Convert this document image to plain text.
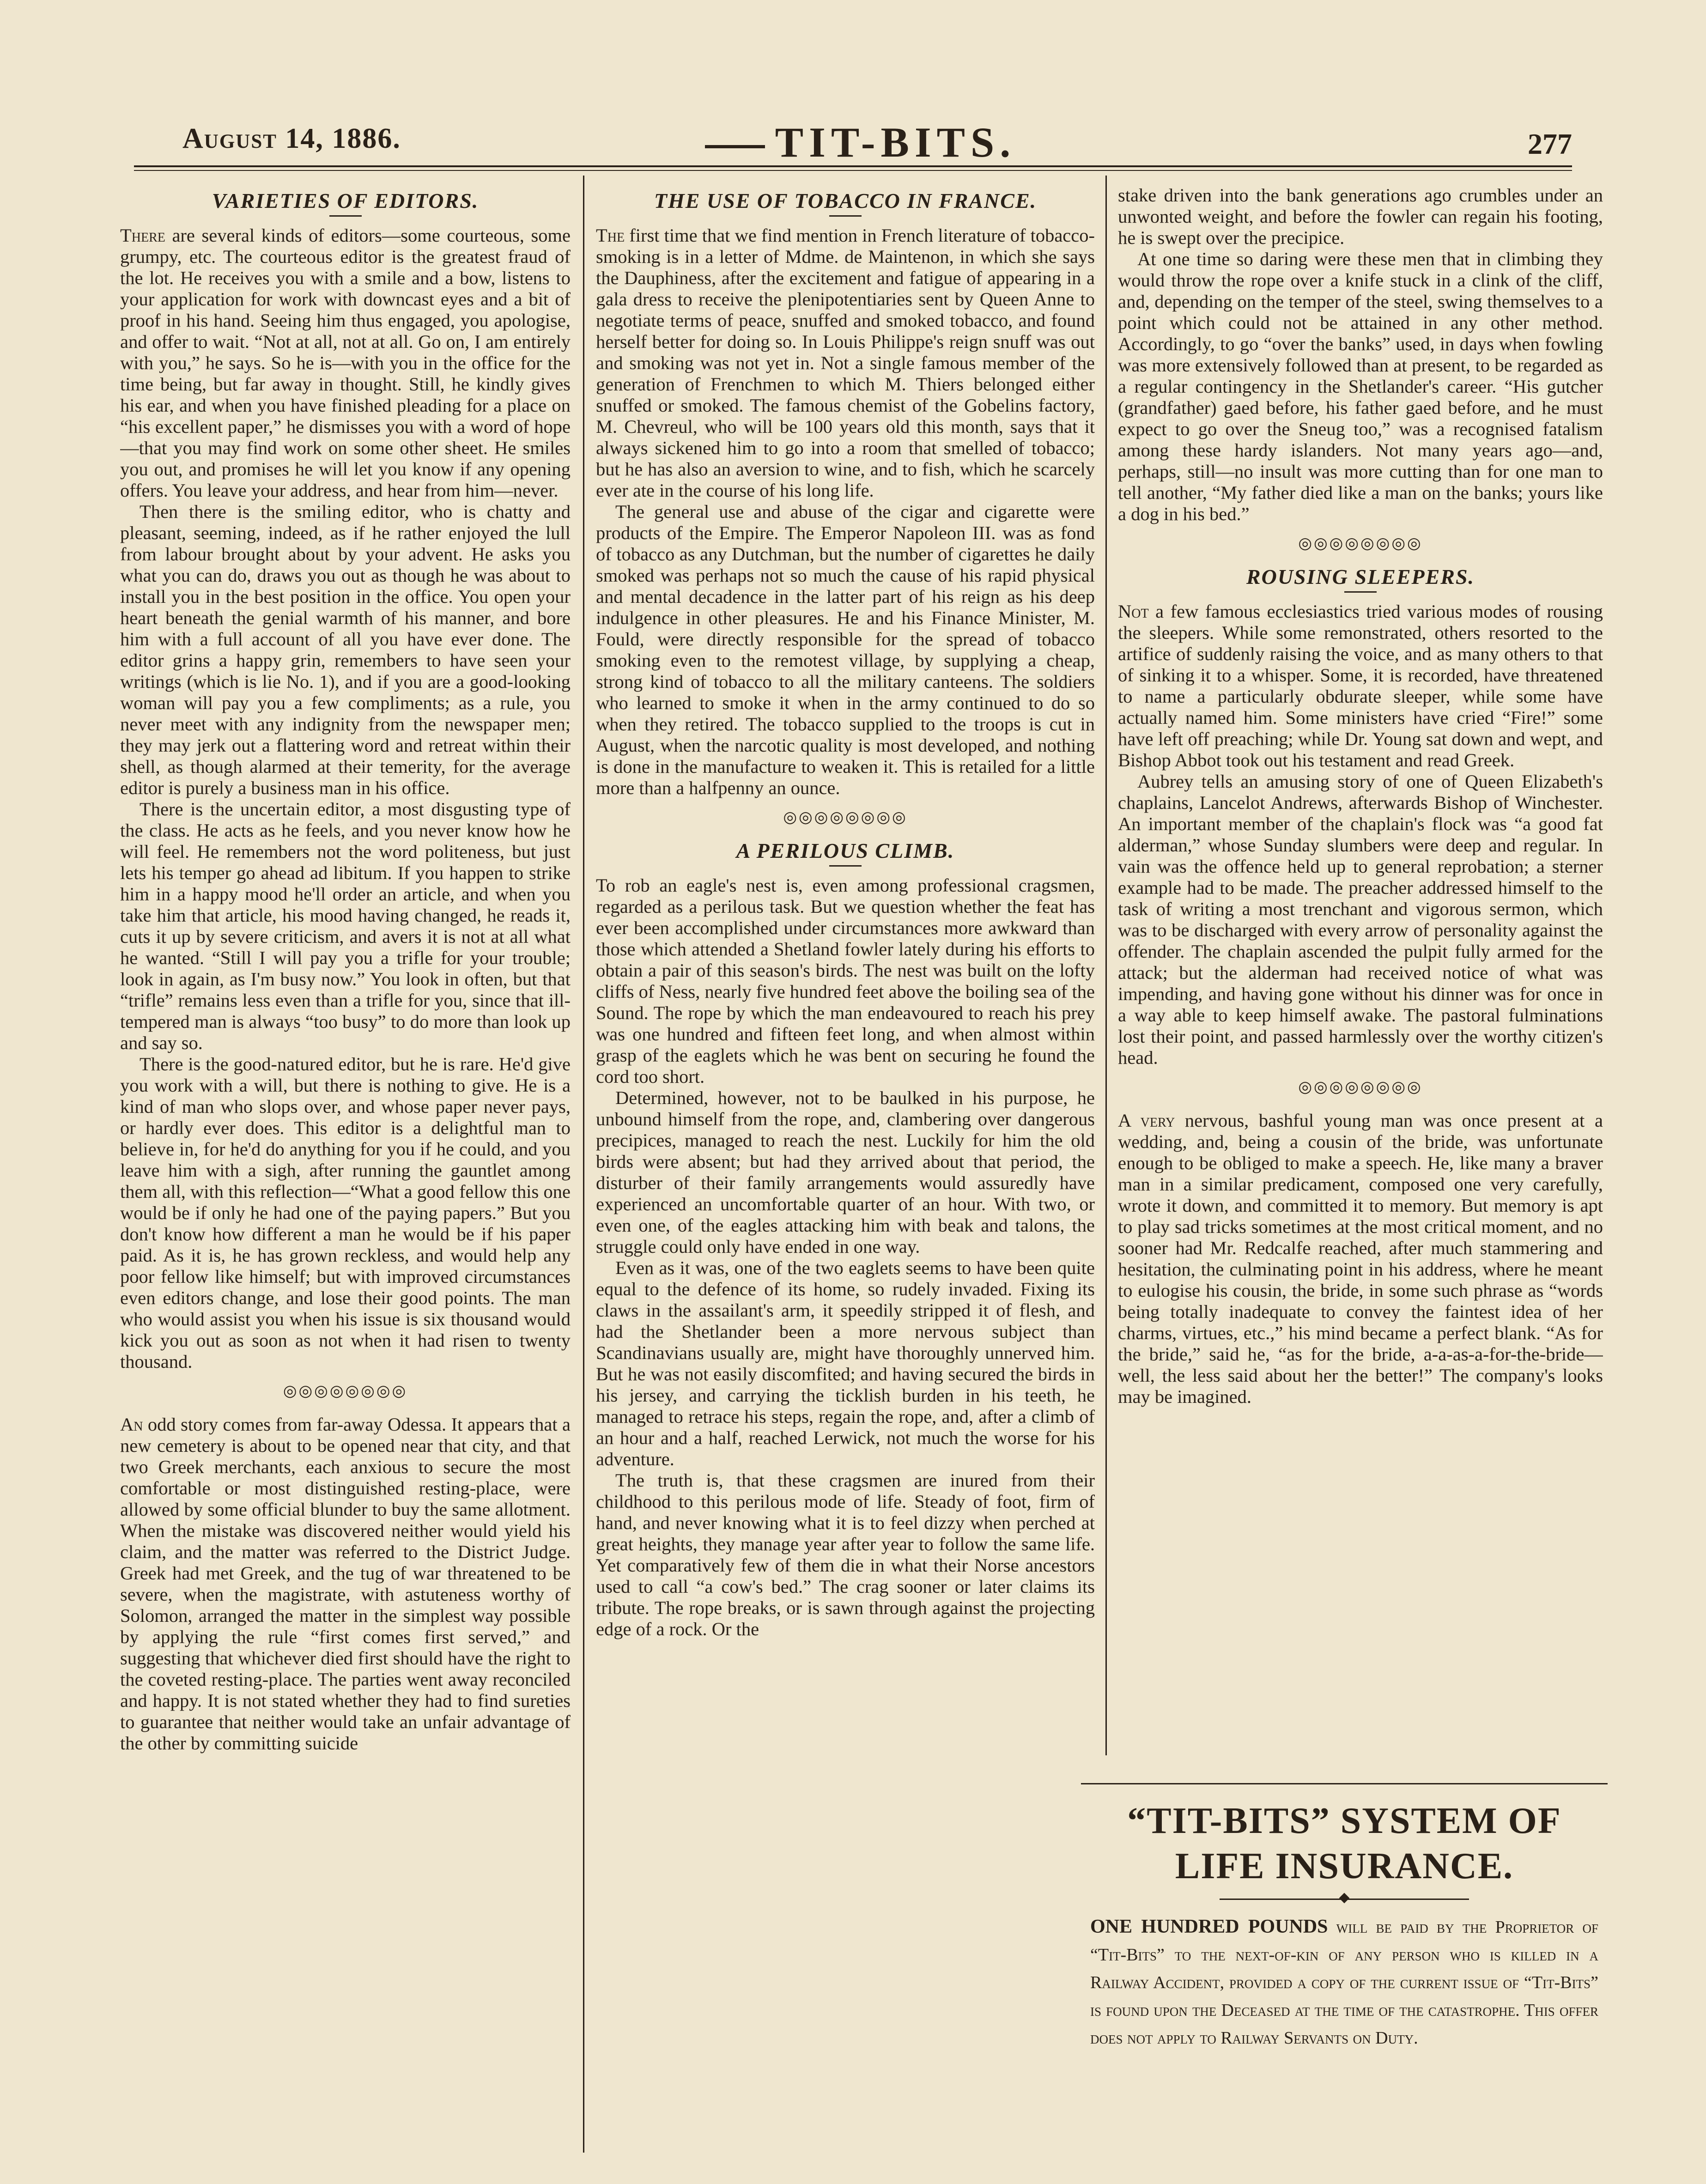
August 14, 1886.	TIT-BITS.	277
VARIETIES OF EDITORS.

There are several kinds of editors—some courteous, some grumpy, etc. The courteous editor is the greatest fraud of the lot. He receives you with a smile and a bow, listens to your application for work with downcast eyes and a bit of proof in his hand. Seeing him thus engaged, you apologise, and offer to wait. “Not at all, not at all. Go on, I am entirely with you,” he says. So he is—with you in the office for the time being, but far away in thought. Still, he kindly gives his ear, and when you have finished pleading for a place on “his excellent paper,” he dismisses you with a word of hope—that you may find work on some other sheet. He smiles you out, and promises he will let you know if any opening offers. You leave your address, and hear from him—never.

Then there is the smiling editor, who is chatty and pleasant, seeming, indeed, as if he rather enjoyed the lull from labour brought about by your advent. He asks you what you can do, draws you out as though he was about to install you in the best position in the office. You open your heart beneath the genial warmth of his manner, and bore him with a full account of all you have ever done. The editor grins a happy grin, remembers to have seen your writings (which is lie No. 1), and if you are a good-looking woman will pay you a few compliments; as a rule, you never meet with any indignity from the newspaper men; they may jerk out a flattering word and retreat within their shell, as though alarmed at their temerity, for the average editor is purely a business man in his office.

There is the uncertain editor, a most disgusting type of the class. He acts as he feels, and you never know how he will feel. He remembers not the word politeness, but just lets his temper go ahead ad libitum. If you happen to strike him in a happy mood he'll order an article, and when you take him that article, his mood having changed, he reads it, cuts it up by severe criticism, and avers it is not at all what he wanted. “Still I will pay you a trifle for your trouble; look in again, as I'm busy now.” You look in often, but that “trifle” remains less even than a trifle for you, since that ill-tempered man is always “too busy” to do more than look up and say so.

There is the good-natured editor, but he is rare. He'd give you work with a will, but there is nothing to give. He is a kind of man who slops over, and whose paper never pays, or hardly ever does. This editor is a delightful man to believe in, for he'd do anything for you if he could, and you leave him with a sigh, after running the gauntlet among them all, with this reflection—“What a good fellow this one would be if only he had one of the paying papers.” But you don't know how different a man he would be if his paper paid. As it is, he has grown reckless, and would help any poor fellow like himself; but with improved circumstances even editors change, and lose their good points. The man who would assist you when his issue is six thousand would kick you out as soon as not when it had risen to twenty thousand.

◎◎◎◎◎◎◎◎

An odd story comes from far-away Odessa. It appears that a new cemetery is about to be opened near that city, and that two Greek merchants, each anxious to secure the most comfortable or most distinguished resting-place, were allowed by some official blunder to buy the same allotment. When the mistake was discovered neither would yield his claim, and the matter was referred to the District Judge. Greek had met Greek, and the tug of war threatened to be severe, when the magistrate, with astuteness worthy of Solomon, arranged the matter in the simplest way possible by applying the rule “first comes first served,” and suggesting that whichever died first should have the right to the coveted resting-place. The parties went away reconciled and happy. It is not stated whether they had to find sureties to guarantee that neither would take an unfair advantage of the other by committing suicide

THE USE OF TOBACCO IN FRANCE.

The first time that we find mention in French literature of tobacco-smoking is in a letter of Mdme. de Maintenon, in which she says the Dauphiness, after the excitement and fatigue of appearing in a gala dress to receive the plenipotentiaries sent by Queen Anne to negotiate terms of peace, snuffed and smoked tobacco, and found herself better for doing so. In Louis Philippe's reign snuff was out and smoking was not yet in. Not a single famous member of the generation of Frenchmen to which M. Thiers belonged either snuffed or smoked. The famous chemist of the Gobelins factory, M. Chevreul, who will be 100 years old this month, says that it always sickened him to go into a room that smelled of tobacco; but he has also an aversion to wine, and to fish, which he scarcely ever ate in the course of his long life.

The general use and abuse of the cigar and cigarette were products of the Empire. The Emperor Napoleon III. was as fond of tobacco as any Dutchman, but the number of cigarettes he daily smoked was perhaps not so much the cause of his rapid physical and mental decadence in the latter part of his reign as his deep indulgence in other pleasures. He and his Finance Minister, M. Fould, were directly responsible for the spread of tobacco smoking even to the remotest village, by supplying a cheap, strong kind of tobacco to all the military canteens. The soldiers who learned to smoke it when in the army continued to do so when they retired. The tobacco supplied to the troops is cut in August, when the narcotic quality is most developed, and nothing is done in the manufacture to weaken it. This is retailed for a little more than a halfpenny an ounce.

◎◎◎◎◎◎◎◎
A PERILOUS CLIMB.

To rob an eagle's nest is, even among professional cragsmen, regarded as a perilous task. But we question whether the feat has ever been accomplished under circumstances more awkward than those which attended a Shetland fowler lately during his efforts to obtain a pair of this season's birds. The nest was built on the lofty cliffs of Ness, nearly five hundred feet above the boiling sea of the Sound. The rope by which the man endeavoured to reach his prey was one hundred and fifteen feet long, and when almost within grasp of the eaglets which he was bent on securing he found the cord too short.

Determined, however, not to be baulked in his purpose, he unbound himself from the rope, and, clambering over dangerous precipices, managed to reach the nest. Luckily for him the old birds were absent; but had they arrived about that period, the disturber of their family arrangements would assuredly have experienced an uncomfortable quarter of an hour. With two, or even one, of the eagles attacking him with beak and talons, the struggle could only have ended in one way.

Even as it was, one of the two eaglets seems to have been quite equal to the defence of its home, so rudely invaded. Fixing its claws in the assailant's arm, it speedily stripped it of flesh, and had the Shetlander been a more nervous subject than Scandinavians usually are, might have thoroughly unnerved him. But he was not easily discomfited; and having secured the birds in his jersey, and carrying the ticklish burden in his teeth, he managed to retrace his steps, regain the rope, and, after a climb of an hour and a half, reached Lerwick, not much the worse for his adventure.

The truth is, that these cragsmen are inured from their childhood to this perilous mode of life. Steady of foot, firm of hand, and never knowing what it is to feel dizzy when perched at great heights, they manage year after year to follow the same life. Yet comparatively few of them die in what their Norse ancestors used to call “a cow's bed.” The crag sooner or later claims its tribute. The rope breaks, or is sawn through against the projecting edge of a rock. Or the

stake driven into the bank generations ago crumbles under an unwonted weight, and before the fowler can regain his footing, he is swept over the precipice.

At one time so daring were these men that in climbing they would throw the rope over a knife stuck in a clink of the cliff, and, depending on the temper of the steel, swing themselves to a point which could not be attained in any other method. Accordingly, to go “over the banks” used, in days when fowling was more extensively followed than at present, to be regarded as a regular contingency in the Shetlander's career. “His gutcher (grandfather) gaed before, his father gaed before, and he must expect to go over the Sneug too,” was a recognised fatalism among these hardy islanders. Not many years ago—and, perhaps, still—no insult was more cutting than for one man to tell another, “My father died like a man on the banks; yours like a dog in his bed.”

◎◎◎◎◎◎◎◎
ROUSING SLEEPERS.

Not a few famous ecclesiastics tried various modes of rousing the sleepers. While some remonstrated, others resorted to the artifice of suddenly raising the voice, and as many others to that of sinking it to a whisper. Some, it is recorded, have threatened to name a particularly obdurate sleeper, while some have actually named him. Some ministers have cried “Fire!” some have left off preaching; while Dr. Young sat down and wept, and Bishop Abbot took out his testament and read Greek.

Aubrey tells an amusing story of one of Queen Elizabeth's chaplains, Lancelot Andrews, afterwards Bishop of Winchester. An important member of the chaplain's flock was “a good fat alderman,” whose Sunday slumbers were deep and regular. In vain was the offence held up to general reprobation; a sterner example had to be made. The preacher addressed himself to the task of writing a most trenchant and vigorous sermon, which was to be discharged with every arrow of personality against the offender. The chaplain ascended the pulpit fully armed for the attack; but the alderman had received notice of what was impending, and having gone without his dinner was for once in a way able to keep himself awake. The pastoral fulminations lost their point, and passed harmlessly over the worthy citizen's head.

◎◎◎◎◎◎◎◎

A very nervous, bashful young man was once present at a wedding, and, being a cousin of the bride, was unfortunate enough to be obliged to make a speech. He, like many a braver man in a similar predicament, composed one very carefully, wrote it down, and committed it to memory. But memory is apt to play sad tricks sometimes at the most critical moment, and no sooner had Mr. Redcalfe reached, after much stammering and hesitation, the culminating point in his address, where he meant to eulogise his cousin, the bride, in some such phrase as “words being totally inadequate to convey the faintest idea of her charms, virtues, etc.,” his mind became a perfect blank. “As for the bride,” said he, “as for the bride, a-a-as-a-for-the-bride—well, the less said about her the better!” The company's looks may be imagined.

“TIT-BITS” SYSTEM OF
LIFE INSURANCE.
ONE HUNDRED POUNDS will be paid by the Proprietor of “Tit-Bits” to the next-of-kin of any person who is killed in a Railway Accident, provided a copy of the current issue of “Tit-Bits” is found upon the Deceased at the time of the catastrophe. This offer does not apply to Railway Servants on Duty.
